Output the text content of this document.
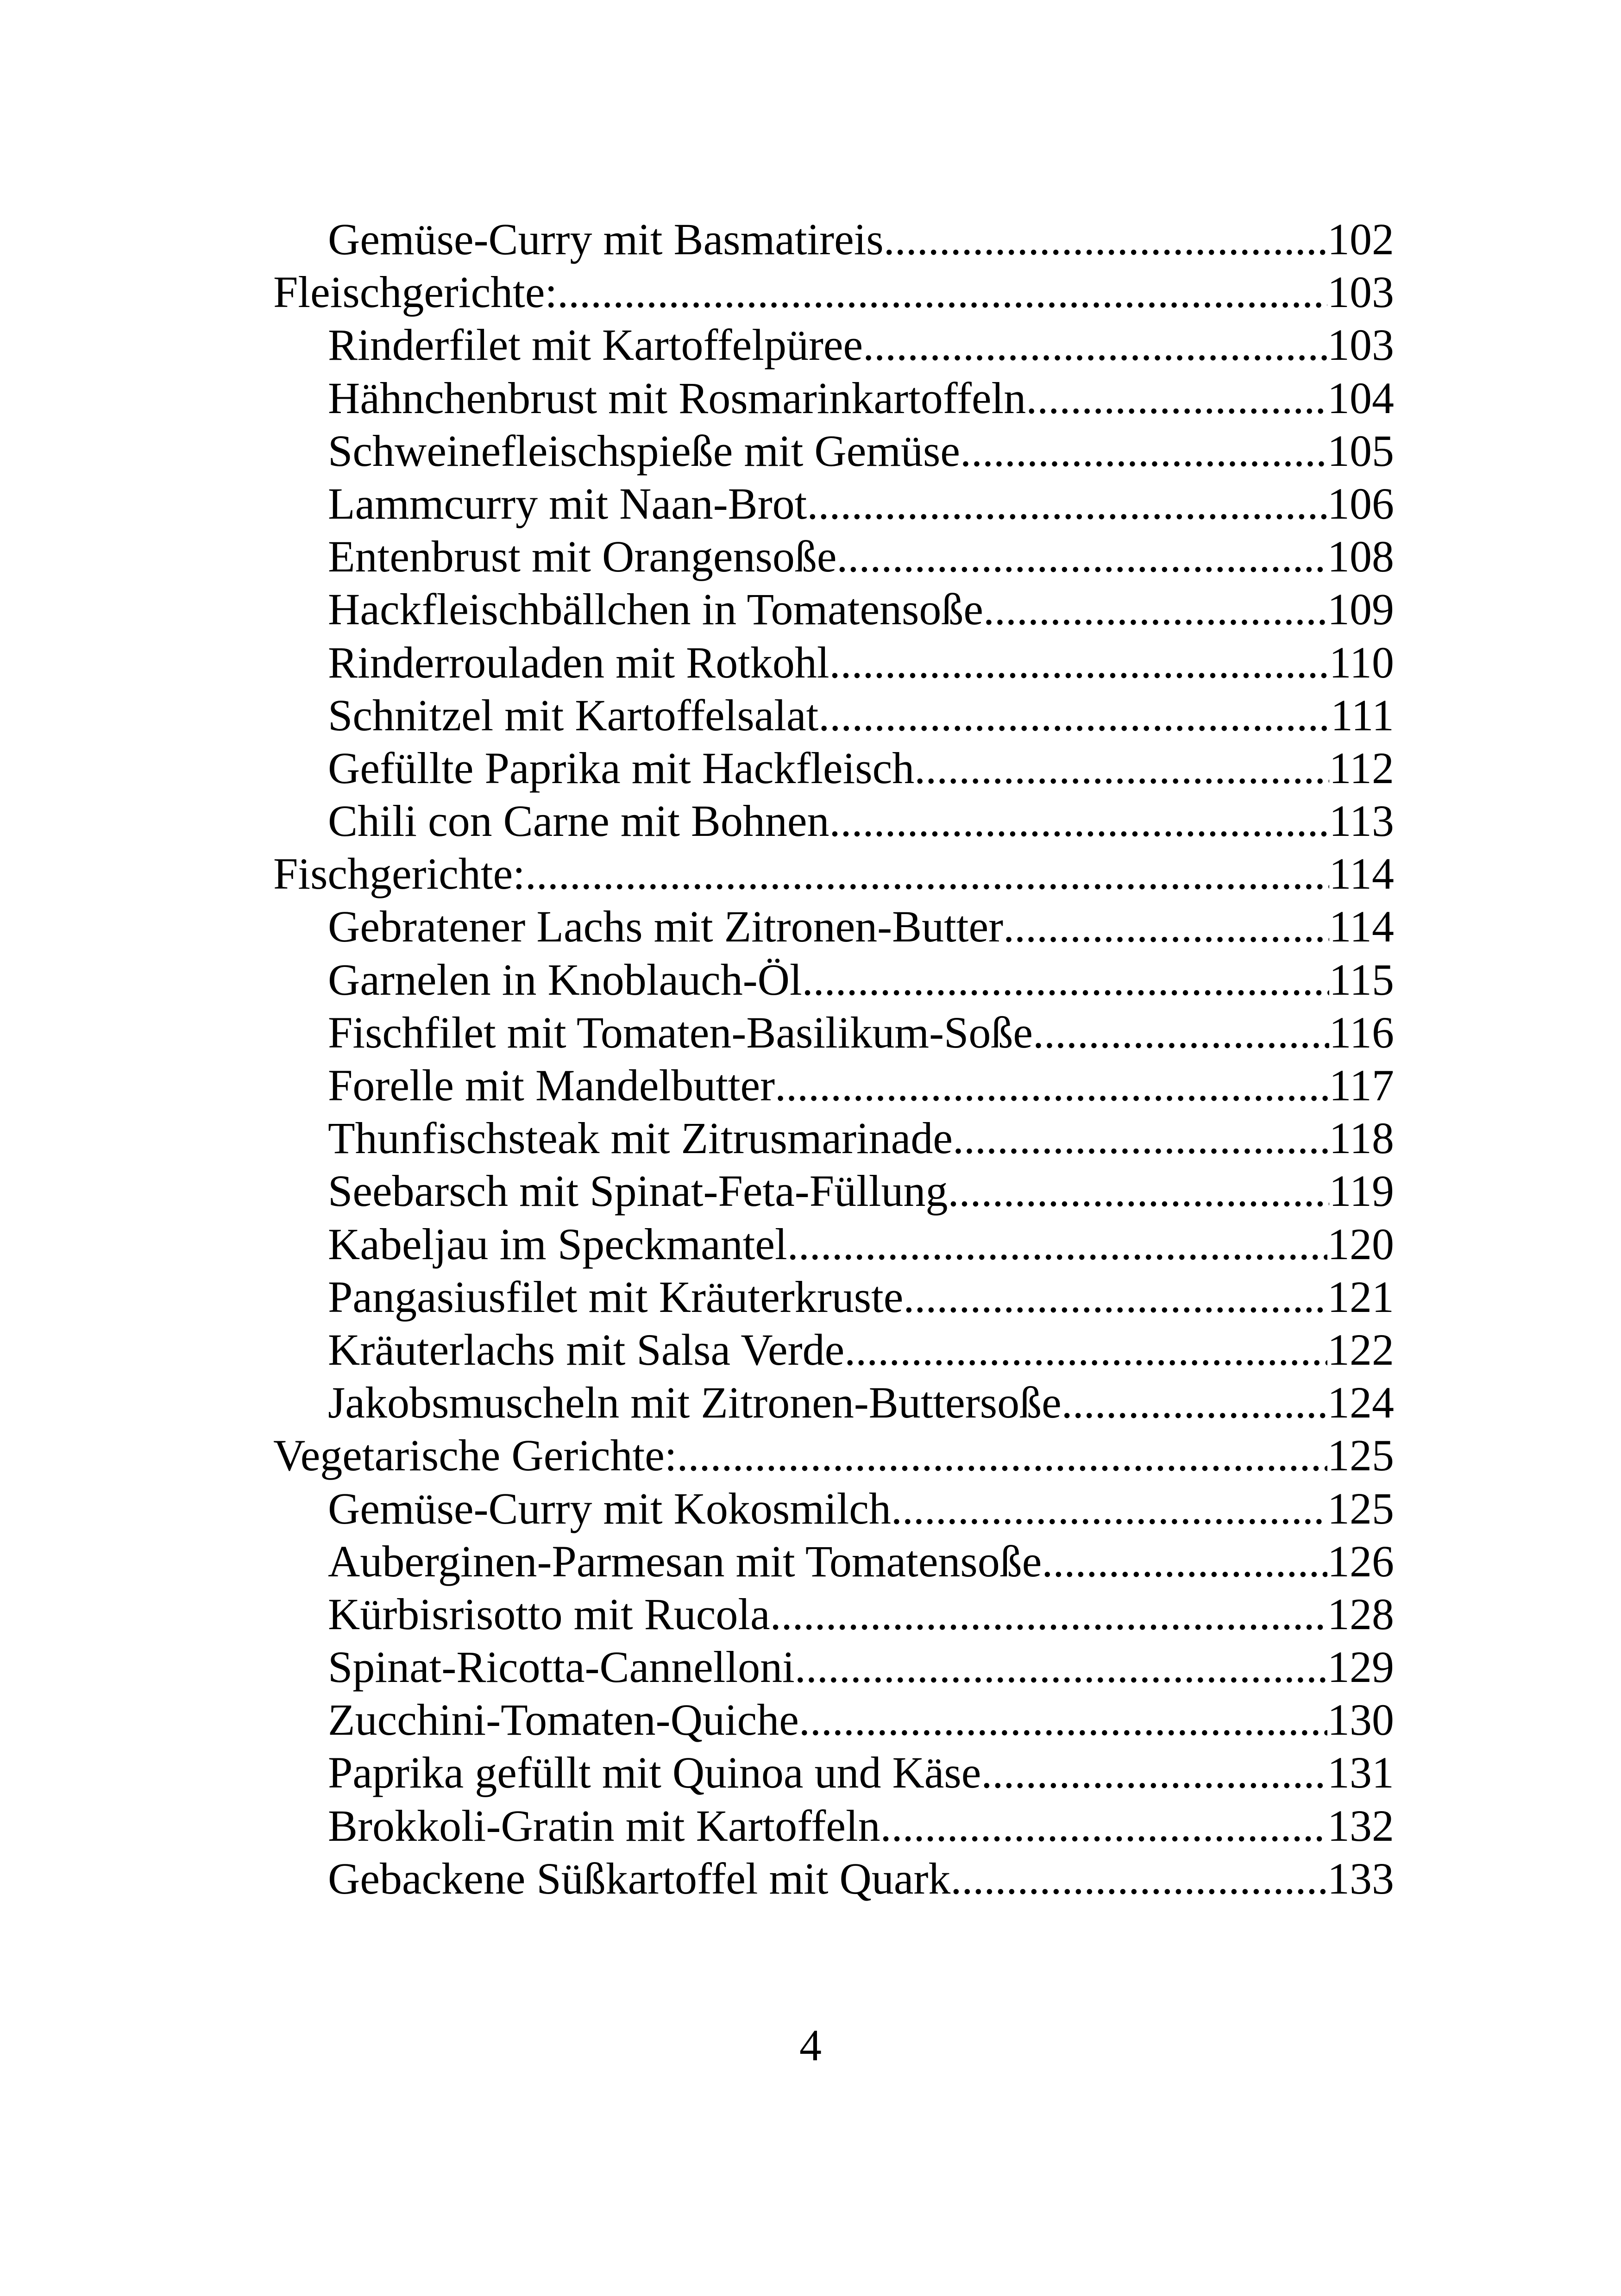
Gemüse-Curry mit Basmatireis .....	102
Fleischgerichte: .....	103
Rinderfilet mit Kartoffelpüree .....	103
Hähnchenbrust mit Rosmarinkartoffeln .....	104
Schweinefleischspieße mit Gemüse .....	105
Lammcurry mit Naan-Brot .....	106
Entenbrust mit Orangensoße .....	108
Hackfleischbällchen in Tomatensoße .....	109
Rinderrouladen mit Rotkohl .....	110
Schnitzel mit Kartoffelsalat .....	111
Gefüllte Paprika mit Hackfleisch .....	112
Chili con Carne mit Bohnen .....	113
Fischgerichte: .....	114
Gebratener Lachs mit Zitronen-Butter .....	114
Garnelen in Knoblauch-Öl .....	115
Fischfilet mit Tomaten-Basilikum-Soße .....	116
Forelle mit Mandelbutter .....	117
Thunfischsteak mit Zitrusmarinade .....	118
Seebarsch mit Spinat-Feta-Füllung .....	119
Kabeljau im Speckmantel .....	120
Pangasiusfilet mit Kräuterkruste .....	121
Kräuterlachs mit Salsa Verde .....	122
Jakobsmuscheln mit Zitronen-Buttersoße .....	124
Vegetarische Gerichte: .....	125
Gemüse-Curry mit Kokosmilch .....	125
Auberginen-Parmesan mit Tomatensoße .....	126
Kürbisrisotto mit Rucola .....	128
Spinat-Ricotta-Cannelloni .....	129
Zucchini-Tomaten-Quiche .....	130
Paprika gefüllt mit Quinoa und Käse .....	131
Brokkoli-Gratin mit Kartoffeln .....	132
Gebackene Süßkartoffel mit Quark .....	133
4
